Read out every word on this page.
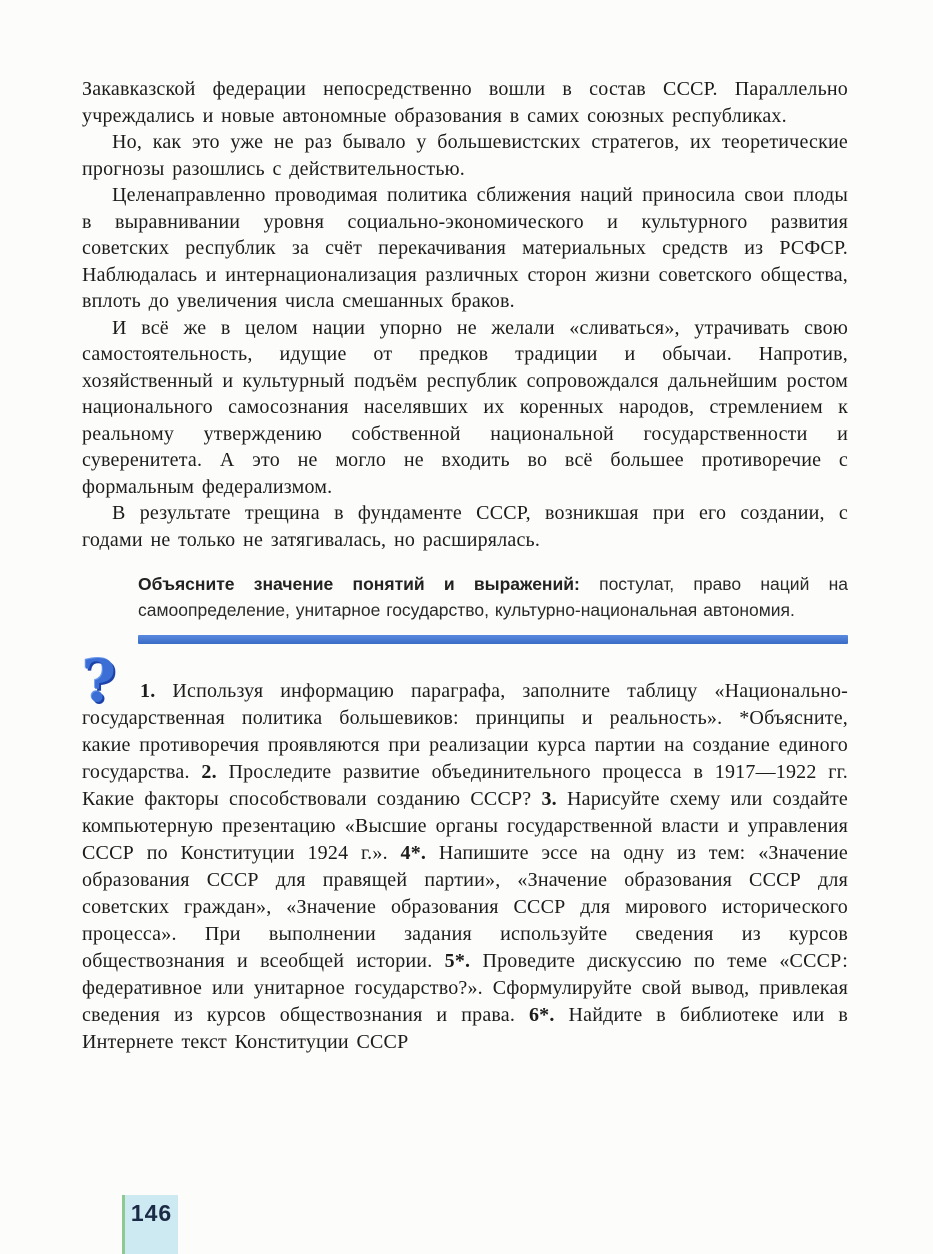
Закавказской федерации непосредственно вошли в состав СССР. Параллельно учреждались и новые автономные образования в самих союзных республиках.

Но, как это уже не раз бывало у большевистских стратегов, их теоретические прогнозы разошлись с действительностью.

Целенаправленно проводимая политика сближения наций приносила свои плоды в выравнивании уровня социально-экономического и культурного развития советских республик за счёт перекачивания материальных средств из РСФСР. Наблюдалась и интернационализация различных сторон жизни советского общества, вплоть до увеличения числа смешанных браков.

И всё же в целом нации упорно не желали «сливаться», утрачивать свою самостоятельность, идущие от предков традиции и обычаи. Напротив, хозяйственный и культурный подъём республик сопровождался дальнейшим ростом национального самосознания населявших их коренных народов, стремлением к реальному утверждению собственной национальной государственности и суверенитета. А это не могло не входить во всё большее противоречие с формальным федерализмом.

В результате трещина в фундаменте СССР, возникшая при его создании, с годами не только не затягивалась, но расширялась.

Объясните значение понятий и выражений: постулат, право наций на самоопределение, унитарное государство, культурно-национальная автономия.
?	1. Используя информацию параграфа, заполните таблицу «Национально-государственная политика большевиков: принципы и реальность». *Объясните, какие противоречия проявляются при реализации курса партии на создание единого государства. 2. Проследите развитие объединительного процесса в 1917—1922 гг. Какие факторы способствовали созданию СССР? 3. Нарисуйте схему или создайте компьютерную презентацию «Высшие органы государственной власти и управления СССР по Конституции 1924 г.». 4*. Напишите эссе на одну из тем: «Значение образования СССР для правящей партии», «Значение образования СССР для советских граждан», «Значение образования СССР для мирового исторического процесса». При выполнении задания используйте сведения из курсов обществознания и всеобщей истории. 5*. Проведите дискуссию по теме «СССР: федеративное или унитарное государство?». Сформулируйте свой вывод, привлекая сведения из курсов обществознания и права. 6*. Найдите в библиотеке или в Интернете текст Конституции СССР

146
